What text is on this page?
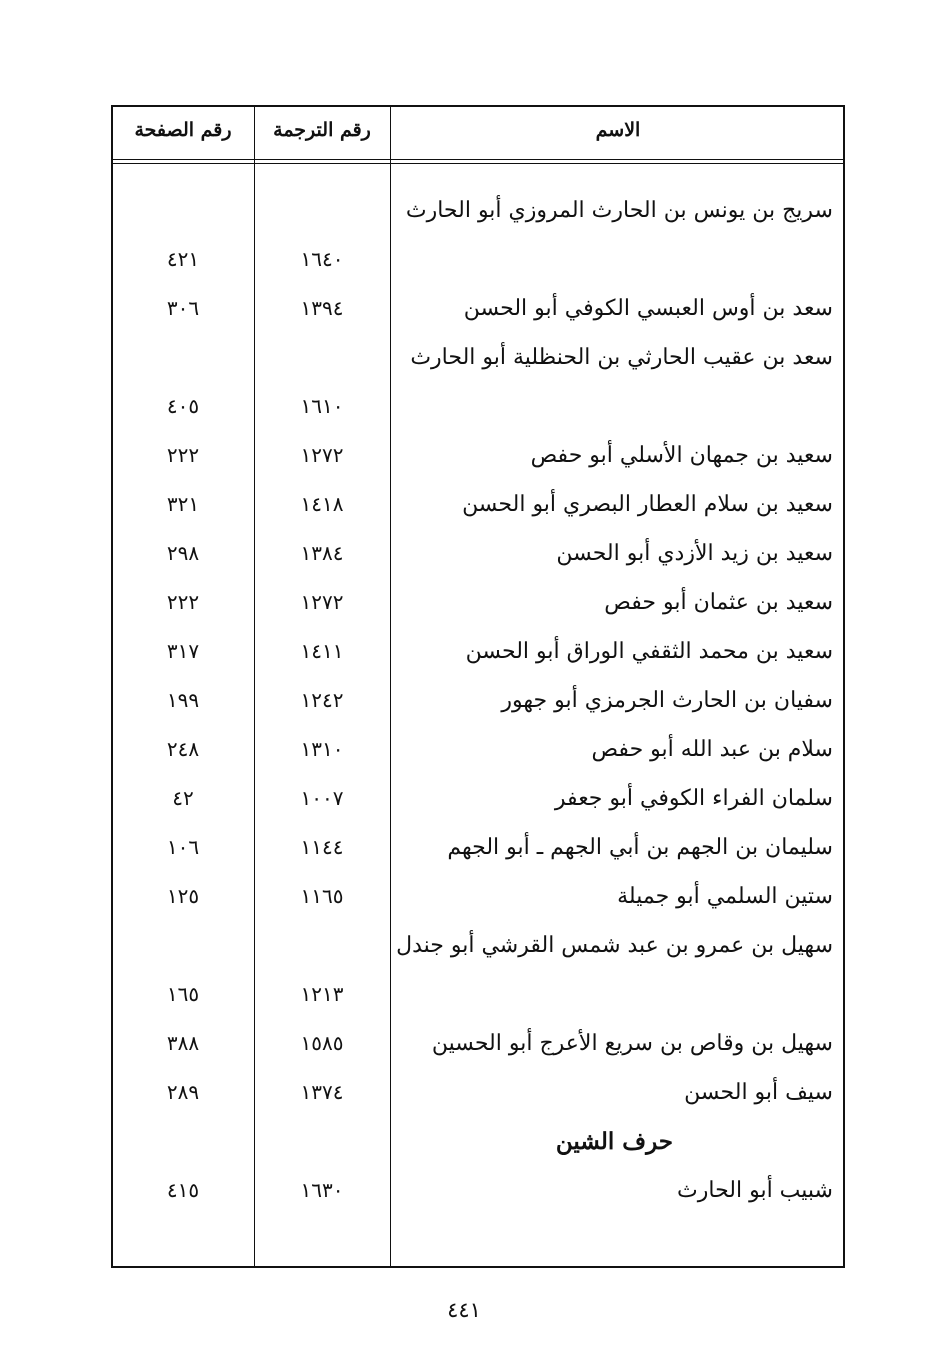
رقم الصفحة	رقم الترجمة	الاسم
سريج بن يونس بن الحارث المروزي أبو الحارث
١٦٤٠
٤٢١
سعد بن أوس العبسي الكوفي أبو الحسن
١٣٩٤
٣٠٦
سعد بن عقيب الحارثي بن الحنظلية أبو الحارث
١٦١٠
٤٠٥
سعيد بن جمهان الأسلي أبو حفص
١٢٧٢
٢٢٢
سعيد بن سلام العطار البصري أبو الحسن
١٤١٨
٣٢١
سعيد بن زيد الأزدي أبو الحسن
١٣٨٤
٢٩٨
سعيد بن عثمان أبو حفص
١٢٧٢
٢٢٢
سعيد بن محمد الثقفي الوراق أبو الحسن
١٤١١
٣١٧
سفيان بن الحارث الجرمزي أبو جهور
١٢٤٢
١٩٩
سلام بن عبد الله أبو حفص
١٣١٠
٢٤٨
سلمان الفراء الكوفي أبو جعفر
١٠٠٧
٤٢
سليمان بن الجهم بن أبي الجهم ـ أبو الجهم
١١٤٤
١٠٦
ستين السلمي أبو جميلة
١١٦٥
١٢٥
سهيل بن عمرو بن عبد شمس القرشي أبو جندل
١٢١٣
١٦٥
سهيل بن وقاص بن سريع الأعرج أبو الحسين
١٥٨٥
٣٨٨
سيف أبو الحسن
١٣٧٤
٢٨٩
حرف الشين
شبيب أبو الحارث
١٦٣٠
٤١٥
٤٤١
